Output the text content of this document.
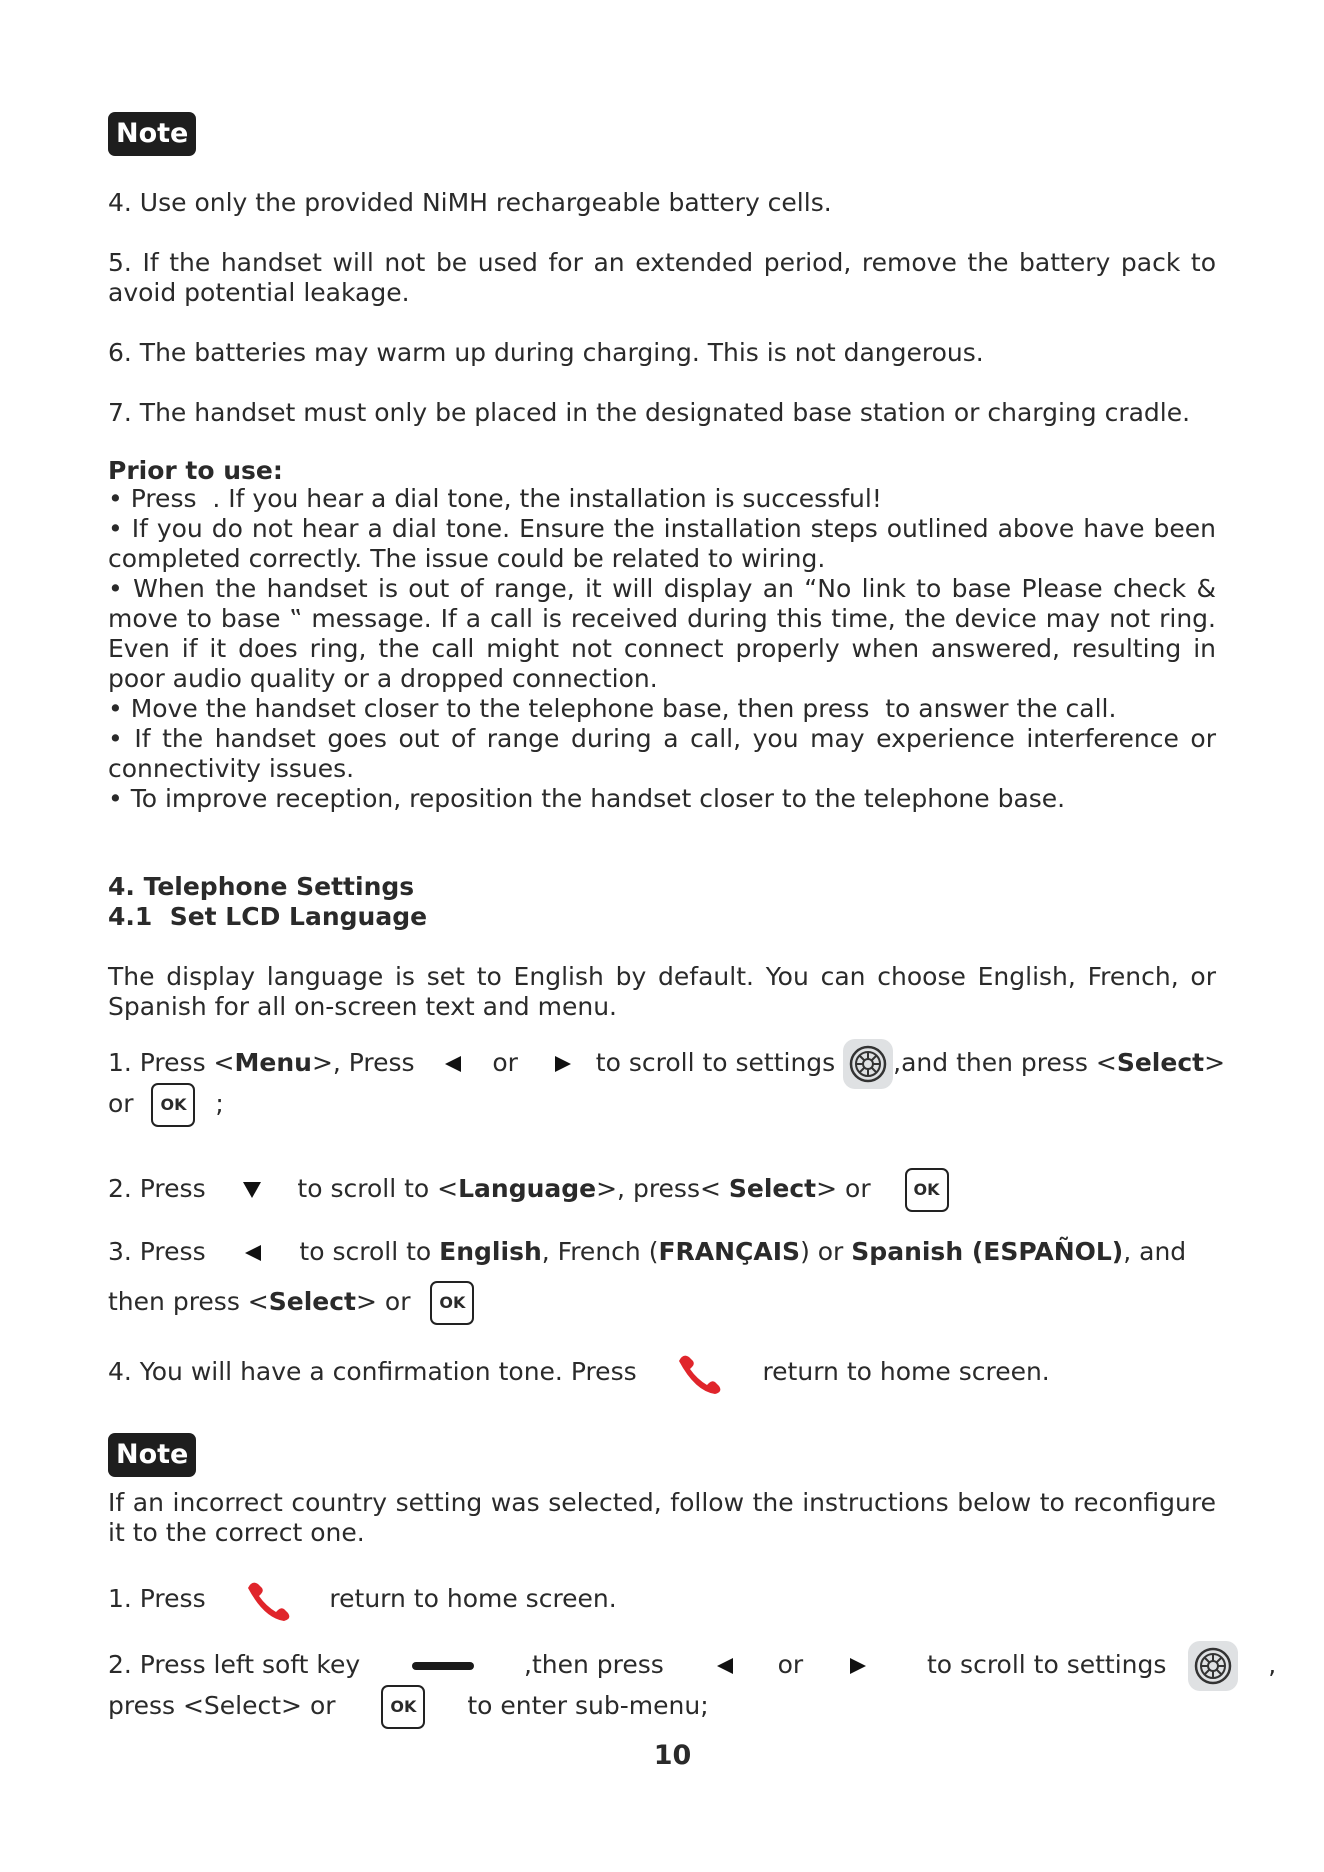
Note

4. Use only the provided NiMH rechargeable battery cells.

5. If the handset will not be used for an extended period, remove the battery pack to avoid potential leakage.

6. The batteries may warm up during charging. This is not dangerous.

7. The handset must only be placed in the designated base station or charging cradle.

Prior to use:

• Press  . If you hear a dial tone, the installation is successful!

• If you do not hear a dial tone. Ensure the installation steps outlined above have been completed correctly. The issue could be related to wiring.

• When the handset is out of range, it will display an “No link to base Please check & move to base ‟ message. If a call is received during this time, the device may not ring. Even if it does ring, the call might not connect properly when answered, resulting in poor audio quality or a dropped connection.

• Move the handset closer to the telephone base, then press  to answer the call.

• If the handset goes out of range during a call, you may experience interference or connectivity issues.

• To improve reception, reposition the handset closer to the telephone base.

4. Telephone Settings
4.1  Set LCD Language

The display language is set to English by default. You can choose English, French, or Spanish for all on-screen text and menu.

1. Press <Menu>, Press	or	to scroll to settings ,and then press <Select>
or OK ;
2. Press	to scroll to <Language>, press< Select> or	OK
3. Press	to scroll to English, French (FRANÇAIS) or Spanish (ESPAÑOL), and
then press <Select> or OK
4. You will have a confirmation tone. Press	return to home screen.
Note

If an incorrect country setting was selected, follow the instructions below to reconfigure it to the correct one.

1. Press	return to home screen.
2. Press left soft key	,then press	or	to scroll to settings	,
press <Select> or	OK to enter sub-menu;
10
